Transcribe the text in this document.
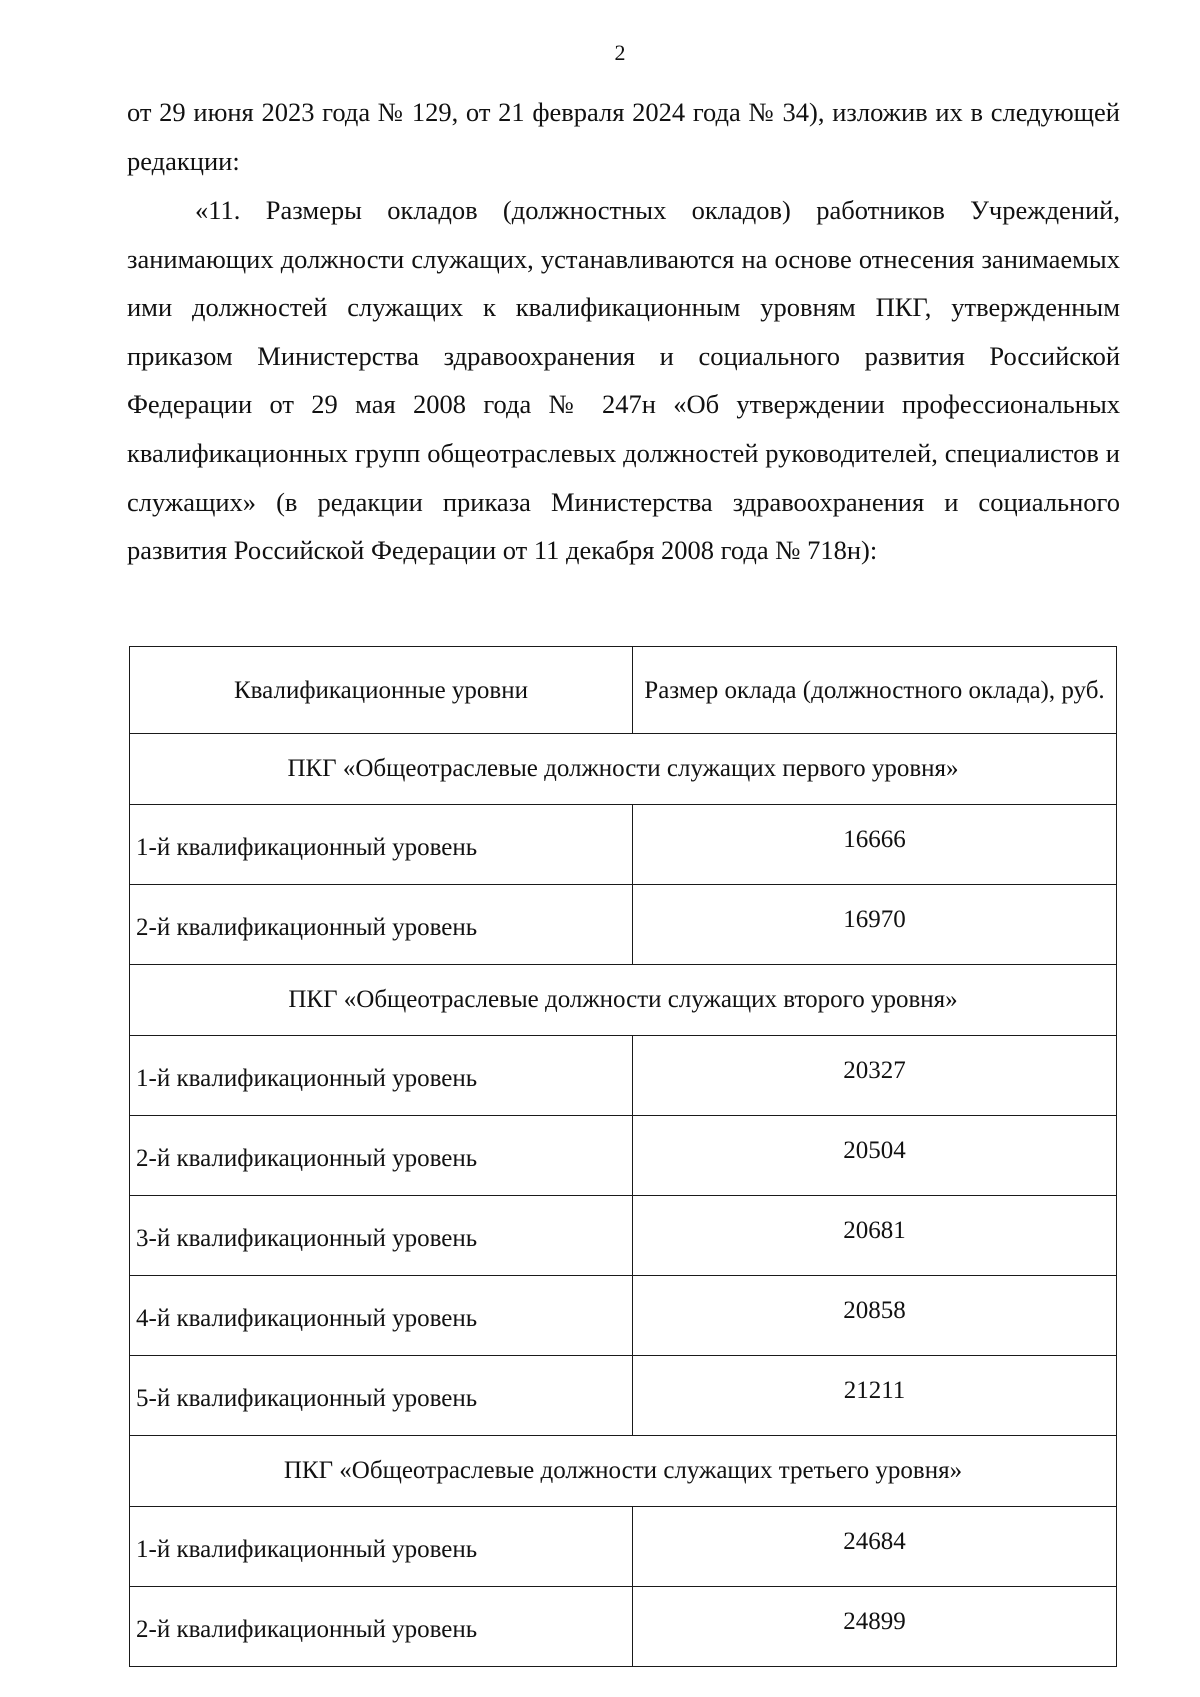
2

от 29 июня 2023 года № 129, от 21 февраля 2024 года № 34), изложив их в следующей редакции:

«11. Размеры окладов (должностных окладов) работников Учреждений, занимающих должности служащих, устанавливаются на основе отнесения занимаемых ими должностей служащих к квалификационным уровням ПКГ, утвержденным приказом Министерства здравоохранения и социального развития Российской Федерации от 29 мая 2008 года № 247н «Об утверждении профессиональных квалификационных групп общеотраслевых должностей руководителей, специалистов и служащих» (в редакции приказа Министерства здравоохранения и социального развития Российской Федерации от 11 декабря 2008 года № 718н):

Квалификационные уровни	Размер оклада (должностного оклада), руб.
ПКГ «Общеотраслевые должности служащих первого уровня»	
1-й квалификационный уровень	16666
2-й квалификационный уровень	16970
ПКГ «Общеотраслевые должности служащих второго уровня»	
1-й квалификационный уровень	20327
2-й квалификационный уровень	20504
3-й квалификационный уровень	20681
4-й квалификационный уровень	20858
5-й квалификационный уровень	21211
ПКГ «Общеотраслевые должности служащих третьего уровня»	
1-й квалификационный уровень	24684
2-й квалификационный уровень	24899
